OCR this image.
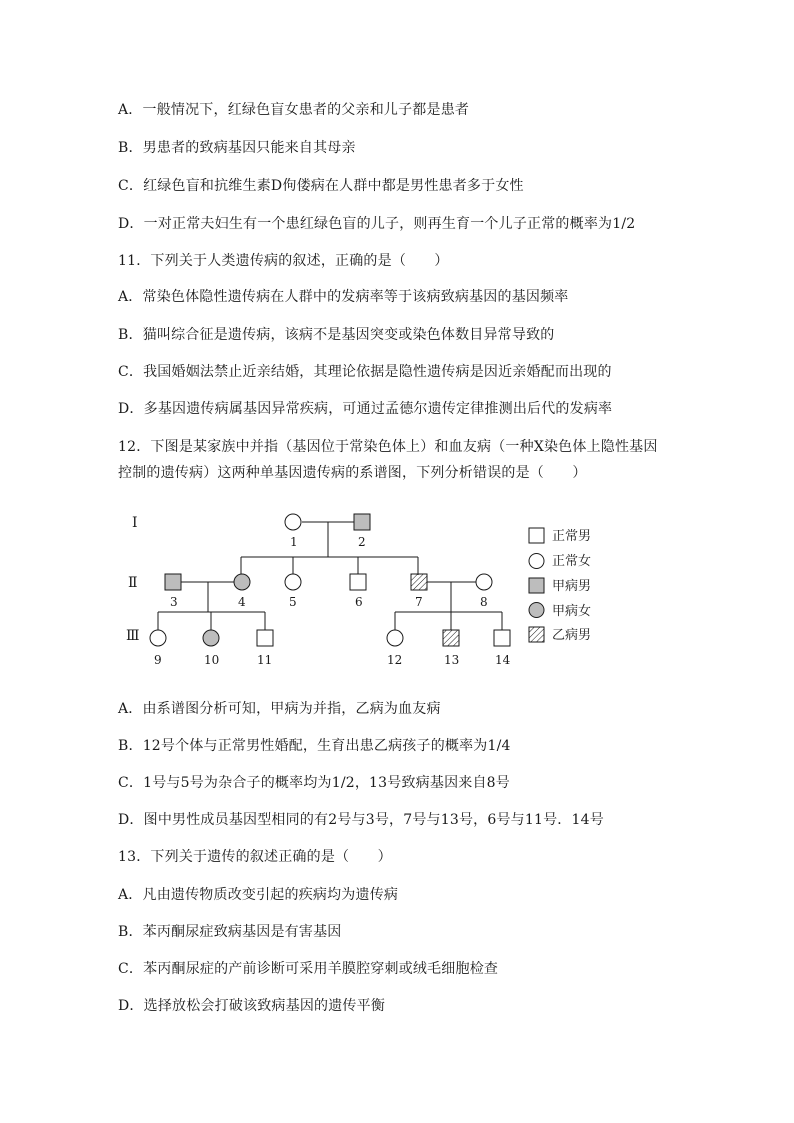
A．一般情况下，红绿色盲女患者的父亲和儿子都是患者
B．男患者的致病基因只能来自其母亲
C．红绿色盲和抗维生素D佝偻病在人群中都是男性患者多于女性
D．一对正常夫妇生有一个患红绿色盲的儿子，则再生育一个儿子正常的概率为1/2
11．下列关于人类遗传病的叙述，正确的是（　　）
A．常染色体隐性遗传病在人群中的发病率等于该病致病基因的基因频率
B．猫叫综合征是遗传病，该病不是基因突变或染色体数目异常导致的
C．我国婚姻法禁止近亲结婚，其理论依据是隐性遗传病是因近亲婚配而出现的
D．多基因遗传病属基因异常疾病，可通过孟德尔遗传定律推测出后代的发病率
12．下图是某家族中并指（基因位于常染色体上）和血友病（一种X染色体上隐性基因
控制的遗传病）这两种单基因遗传病的系谱图，下列分析错误的是（　　）
A．由系谱图分析可知，甲病为并指，乙病为血友病
B．12号个体与正常男性婚配，生育出患乙病孩子的概率为1/4
C．1号与5号为杂合子的概率均为1/2，13号致病基因来自8号
D．图中男性成员基因型相同的有2号与3号，7号与13号，6号与11号．14号
13．下列关于遗传的叙述正确的是（　　）
A．凡由遗传物质改变引起的疾病均为遗传病
B．苯丙酮尿症致病基因是有害基因
C．苯丙酮尿症的产前诊断可采用羊膜腔穿刺或绒毛细胞检查
D．选择放松会打破该致病基因的遗传平衡
Ⅰ
Ⅱ
Ⅲ
1	2
3	4	5	6	7	8
9	10	11	12	13	14
正常男
正常女
甲病男
甲病女
乙病男
